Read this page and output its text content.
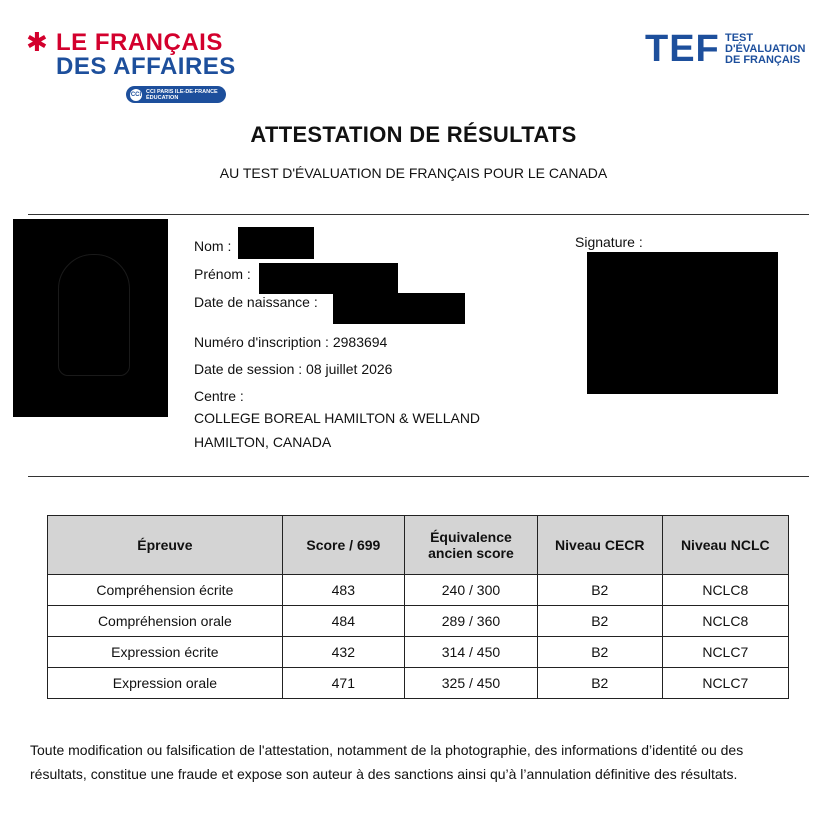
✱ LE FRANÇAIS
DES AFFAIRES
CCI CCI PARIS ILE-DE-FRANCE
ÉDUCATION
TEF TEST
D'ÉVALUATION
DE FRANÇAIS
ATTESTATION DE RÉSULTATS
AU TEST D'ÉVALUATION DE FRANÇAIS POUR LE CANADA
Nom :
Prénom :
Date de naissance :
Numéro d'inscription : 2983694
Date de session : 08 juillet 2026
Centre :
COLLEGE BOREAL HAMILTON & WELLAND
HAMILTON, CANADA
Signature :
Épreuve	Score / 699	Équivalence ancien score	Niveau CECR	Niveau NCLC
Compréhension écrite	483	240 / 300	B2	NCLC8
Compréhension orale	484	289 / 360	B2	NCLC8
Expression écrite	432	314 / 450	B2	NCLC7
Expression orale	471	325 / 450	B2	NCLC7
Toute modification ou falsification de l'attestation, notamment de la photographie, des informations d’identité ou des résultats, constitue une fraude et expose son auteur à des sanctions ainsi qu’à l’annulation définitive des résultats.
